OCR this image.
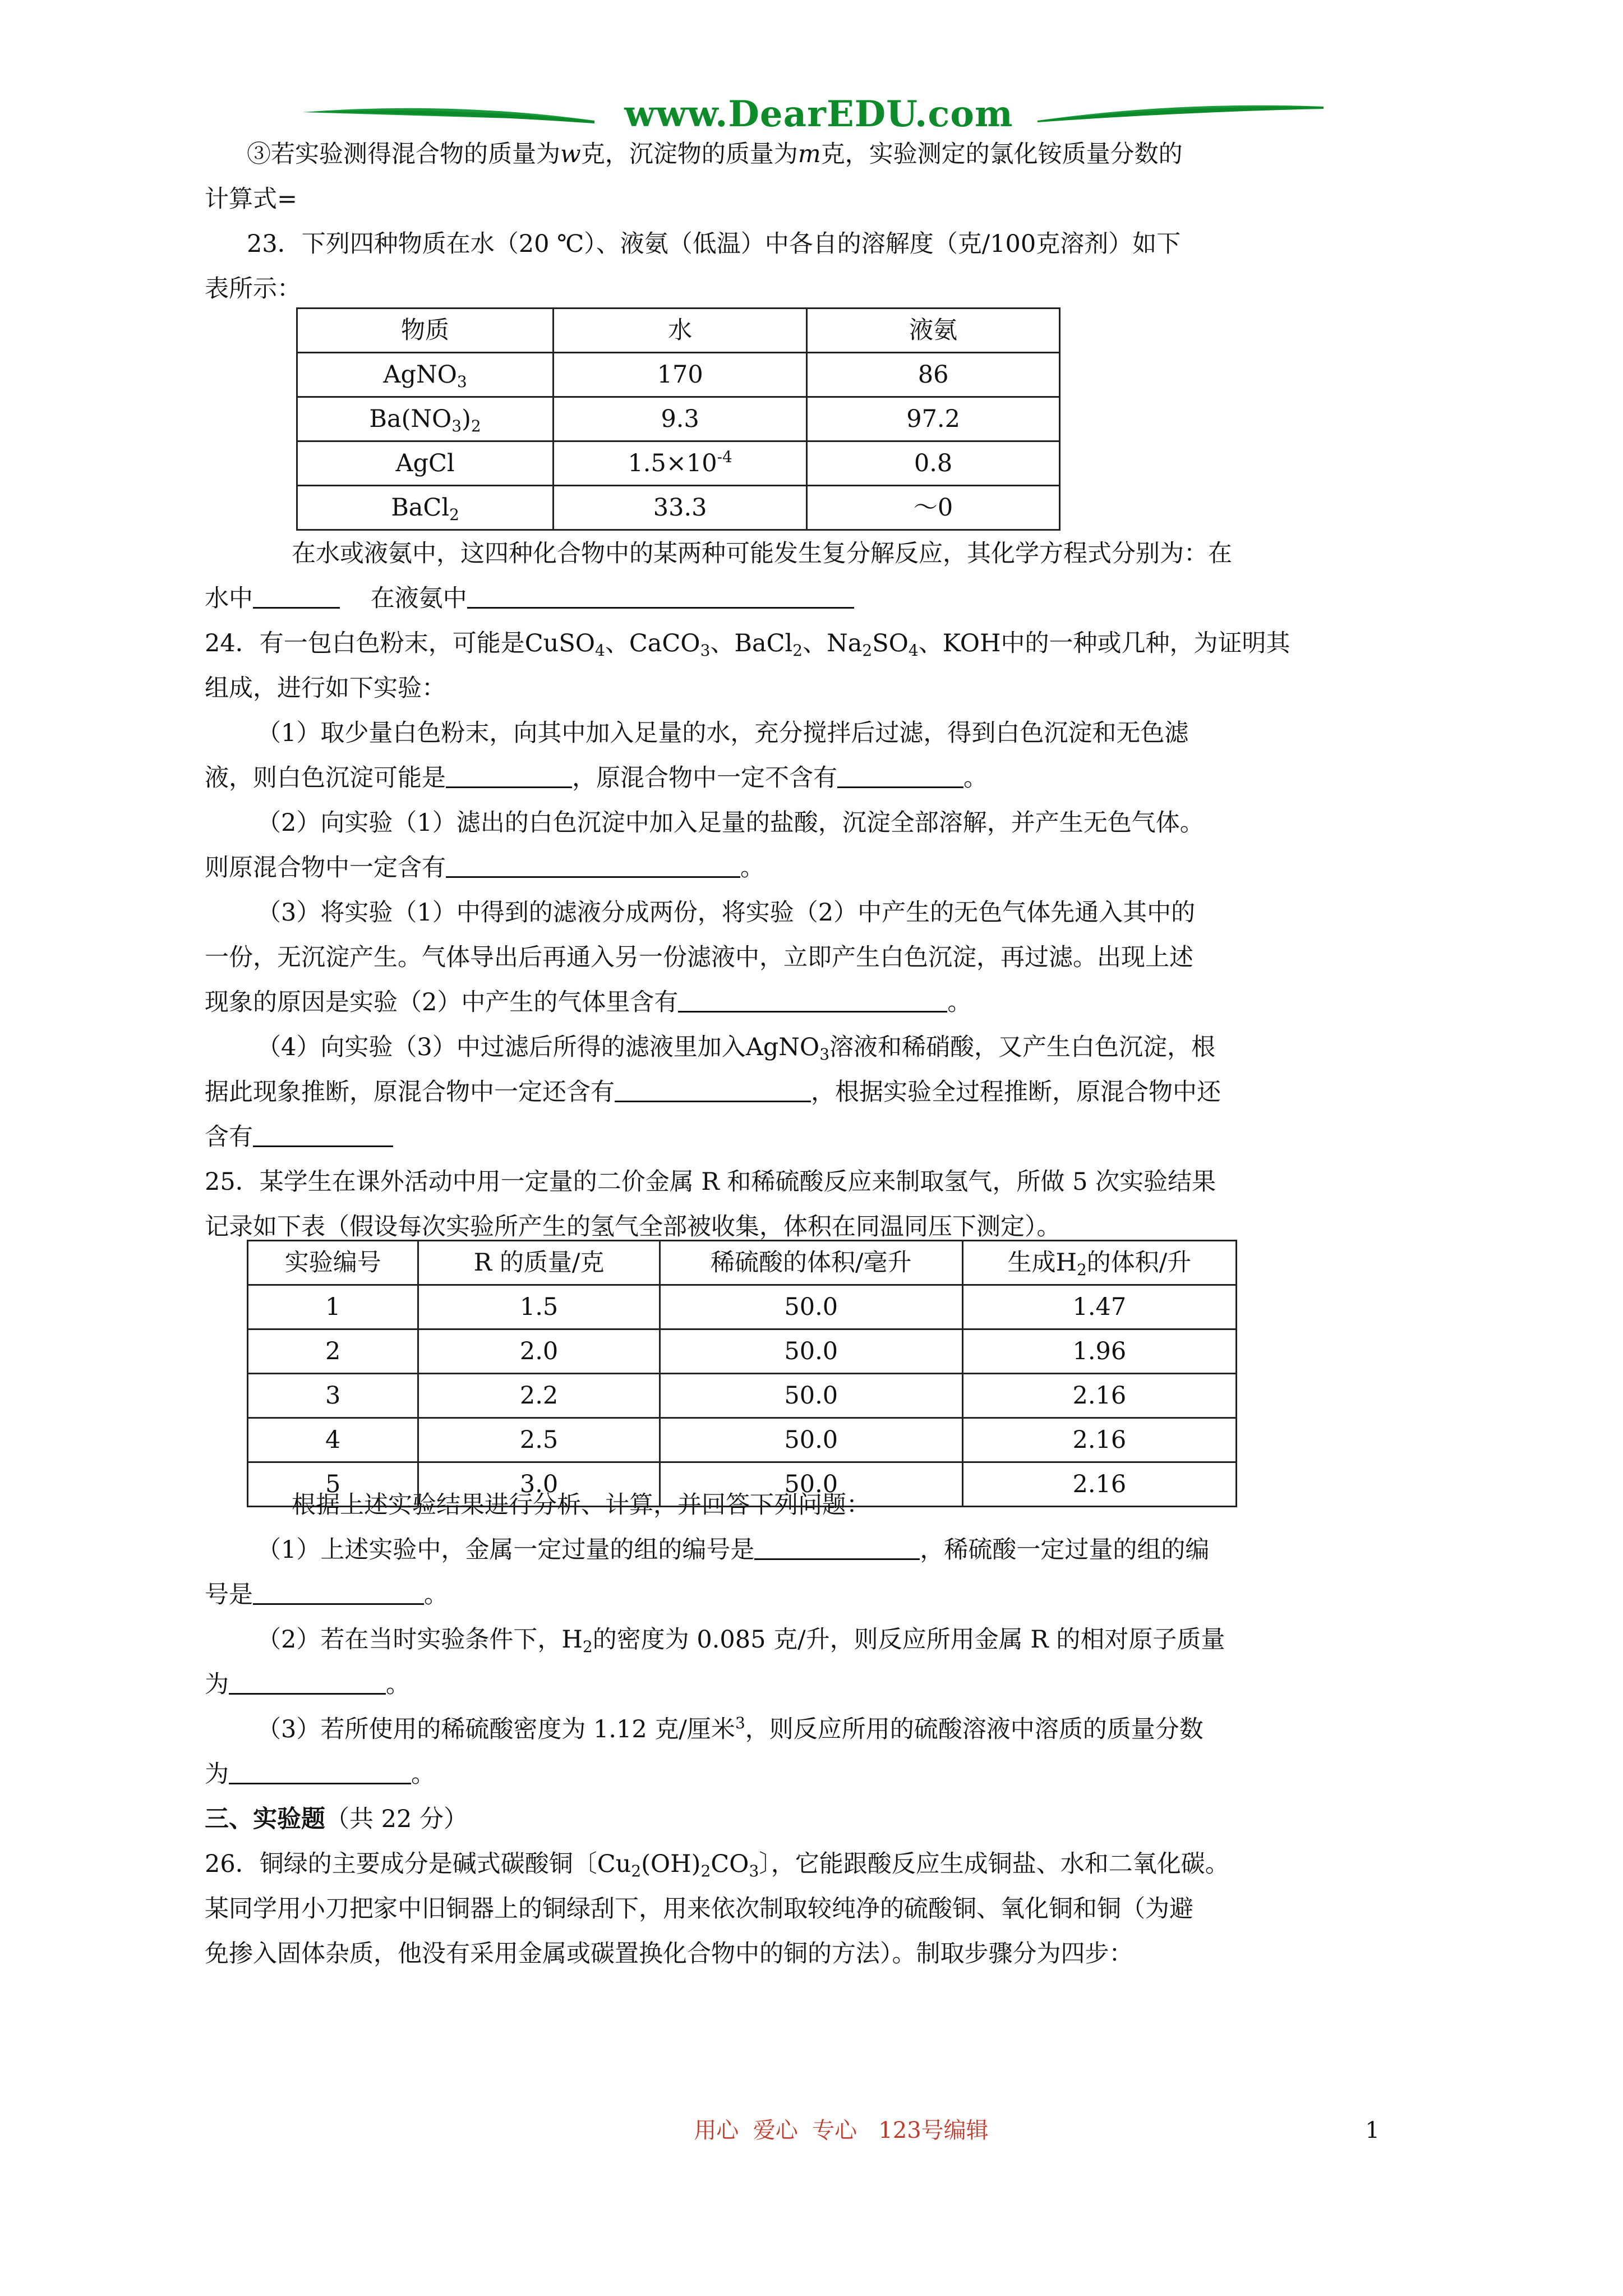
www.DearEDU.com

③若实验测得混合物的质量为w克，沉淀物的质量为m克，实验测定的氯化铵质量分数的

计算式=

23．下列四种物质在水（20 ℃）、液氨（低温）中各自的溶解度（克/100克溶剂）如下

表所示：

物质	水	液氨
AgNO$_3$	170	86
$Ba(NO_3)_2$	9.3	97.2
AgCl	$1.5\times 10^{-4}$	0.8
BaCl$_2$	33.3	～0

在水或液氨中，这四种化合物中的某两种可能发生复分解反应，其化学方程式分别为：在

水中	在液氨中

24．有一包白色粉末，可能是CuSO$_4$、CaCO$_3$、BaCl$_2$、$Na_2SO_4$、KOH中的一种或几种，为证明其

组成，进行如下实验：

（1）取少量白色粉末，向其中加入足量的水，充分搅拌后过滤，得到白色沉淀和无色滤

液，则白色沉淀可能是	，原混合物中一定不含有	。

（2）向实验（1）滤出的白色沉淀中加入足量的盐酸，沉淀全部溶解，并产生无色气体。

则原混合物中一定含有	。

（3）将实验（1）中得到的滤液分成两份，将实验（2）中产生的无色气体先通入其中的

一份，无沉淀产生。气体导出后再通入另一份滤液中，立即产生白色沉淀，再过滤。出现上述

现象的原因是实验（2）中产生的气体里含有	。

（4）向实验（3）中过滤后所得的滤液里加入AgNO$_3$溶液和稀硝酸，又产生白色沉淀，根

据此现象推断，原混合物中一定还含有	，根据实验全过程推断，原混合物中还

含有

25．某学生在课外活动中用一定量的二价金属 R 和稀硫酸反应来制取氢气，所做 5 次实验结果

记录如下表（假设每次实验所产生的氢气全部被收集，体积在同温同压下测定）。

实验编号	R 的质量/克	稀硫酸的体积/毫升	生成$H_2$的体积/升
1	1.5	50.0	1.47
2	2.0	50.0	1.96
3	2.2	50.0	2.16
4	2.5	50.0	2.16
5	3.0	50.0	2.16

根据上述实验结果进行分析、计算，并回答下列问题：

（1）上述实验中，金属一定过量的组的编号是	，稀硫酸一定过量的组的编

号是	。

（2）若在当时实验条件下，$H_2$的密度为 0.085 克/升，则反应所用金属 R 的相对原子质量

为	。

（3）若所使用的稀硫酸密度为 1.12 克/厘米$^3$，则反应所用的硫酸溶液中溶质的质量分数

为	。

三、实验题（共 22 分）

26．铜绿的主要成分是碱式碳酸铜〔$Cu_2(OH)_2CO_3$〕，它能跟酸反应生成铜盐、水和二氧化碳。

某同学用小刀把家中旧铜器上的铜绿刮下，用来依次制取较纯净的硫酸铜、氧化铜和铜（为避

免掺入固体杂质，他没有采用金属或碳置换化合物中的铜的方法）。制取步骤分为四步：

用心  爱心  专心   123号编辑	1
